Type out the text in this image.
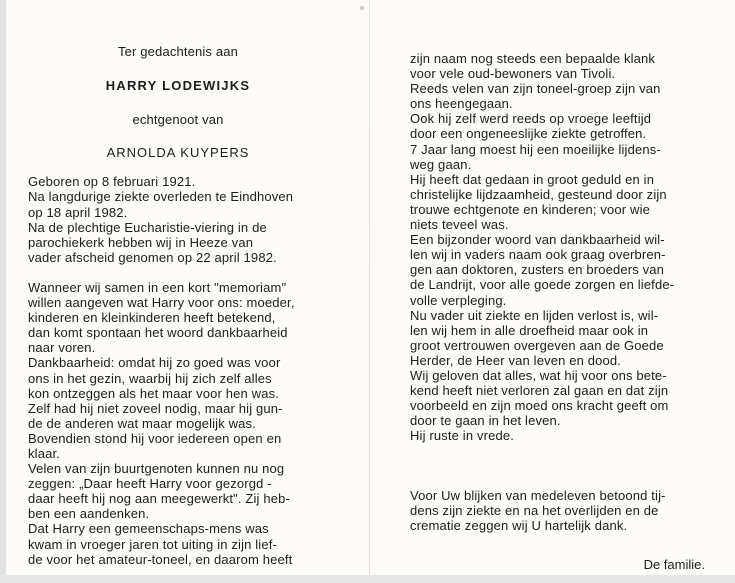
Ter gedachtenis aan

HARRY LODEWIJKS

echtgenoot van

ARNOLDA KUYPERS

Geboren op 8 februari 1921.

Na langdurige ziekte overleden te Eindhoven

op 18 april 1982.

Na de plechtige Eucharistie-viering in de

parochiekerk hebben wij in Heeze van

vader afscheid genomen op 22 april 1982.

Wanneer wij samen in een kort "memoriam"

willen aangeven wat Harry voor ons: moeder,

kinderen en kleinkinderen heeft betekend,

dan komt spontaan het woord dankbaarheid

naar voren.

Dankbaarheid: omdat hij zo goed was voor

ons in het gezin, waarbij hij zich zelf alles

kon ontzeggen als het maar voor hen was.

Zelf had hij niet zoveel nodig, maar hij gun-

de de anderen wat maar mogelijk was.

Bovendien stond hij voor iedereen open en

klaar.

Velen van zijn buurtgenoten kunnen nu nog

zeggen: „Daar heeft Harry voor gezorgd -

daar heeft hij nog aan meegewerkt". Zij heb-

ben een aandenken.

Dat Harry een gemeenschaps-mens was

kwam in vroeger jaren tot uiting in zijn lief-

de voor het amateur-toneel, en daarom heeft

zijn naam nog steeds een bepaalde klank

voor vele oud-bewoners van Tivoli.

Reeds velen van zijn toneel-groep zijn van

ons heengegaan.

Ook hij zelf werd reeds op vroege leeftijd

door een ongeneeslijke ziekte getroffen.

7 Jaar lang moest hij een moeilijke lijdens-

weg gaan.

Hij heeft dat gedaan in groot geduld en in

christelijke lijdzaamheid, gesteund door zijn

trouwe echtgenote en kinderen; voor wie

niets teveel was.

Een bijzonder woord van dankbaarheid wil-

len wij in vaders naam ook graag overbren-

gen aan doktoren, zusters en broeders van

de Landrijt, voor alle goede zorgen en liefde-

volle verpleging.

Nu vader uit ziekte en lijden verlost is, wil-

len wij hem in alle droefheid maar ook in

groot vertrouwen overgeven aan de Goede

Herder, de Heer van leven en dood.

Wij geloven dat alles, wat hij voor ons bete-

kend heeft niet verloren zal gaan en dat zijn

voorbeeld en zijn moed ons kracht geeft om

door te gaan in het leven.

Hij ruste in vrede.

Voor Uw blijken van medeleven betoond tij-

dens zijn ziekte en na het overlijden en de

crematie zeggen wij U hartelijk dank.

De familie.
